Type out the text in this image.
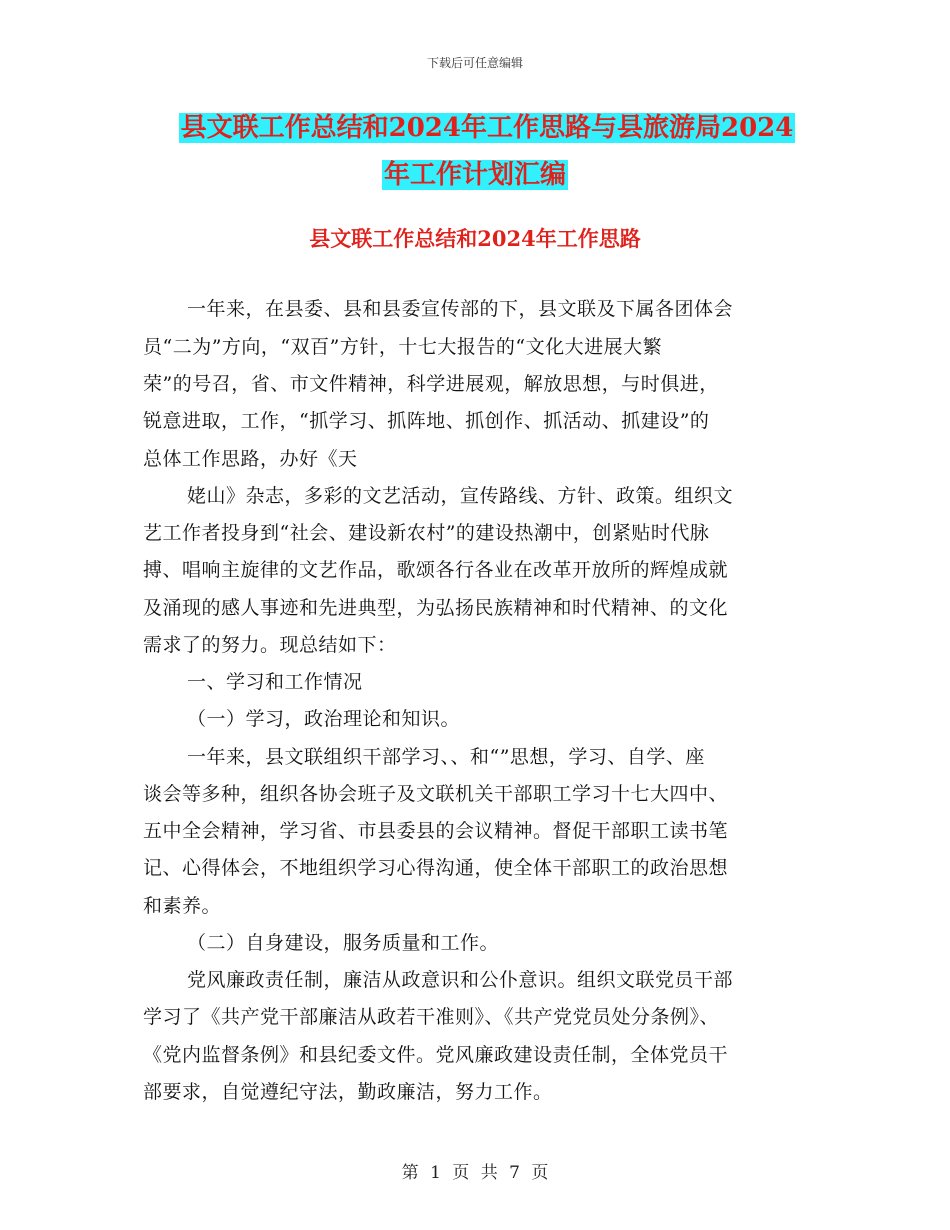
下载后可任意编辑
县文联工作总结和2024年工作思路与县旅游局2024
年工作计划汇编
县文联工作总结和2024年工作思路
一年来，在县委、县和县委宣传部的下，县文联及下属各团体会
员“二为”方向，“双百”方针，十七大报告的“文化大进展大繁
荣”的号召，省、市文件精神，科学进展观，解放思想，与时俱进，
锐意进取，工作，“抓学习、抓阵地、抓创作、抓活动、抓建设”的
总体工作思路，办好《天
姥山》杂志，多彩的文艺活动，宣传路线、方针、政策。组织文
艺工作者投身到“社会、建设新农村”的建设热潮中，创紧贴时代脉
搏、唱响主旋律的文艺作品，歌颂各行各业在改革开放所的辉煌成就
及涌现的感人事迹和先进典型，为弘扬民族精神和时代精神、的文化
需求了的努力。现总结如下：
一、学习和工作情况
（一）学习，政治理论和知识。
一年来，县文联组织干部学习、、和“”思想，学习、自学、座
谈会等多种，组织各协会班子及文联机关干部职工学习十七大四中、
五中全会精神，学习省、市县委县的会议精神。督促干部职工读书笔
记、心得体会，不地组织学习心得沟通，使全体干部职工的政治思想
和素养。
（二）自身建设，服务质量和工作。
党风廉政责任制，廉洁从政意识和公仆意识。组织文联党员干部
学习了《共产党干部廉洁从政若干准则》、《共产党党员处分条例》、
《党内监督条例》和县纪委文件。党风廉政建设责任制，全体党员干
部要求，自觉遵纪守法，勤政廉洁，努力工作。
第 1 页 共 7 页
